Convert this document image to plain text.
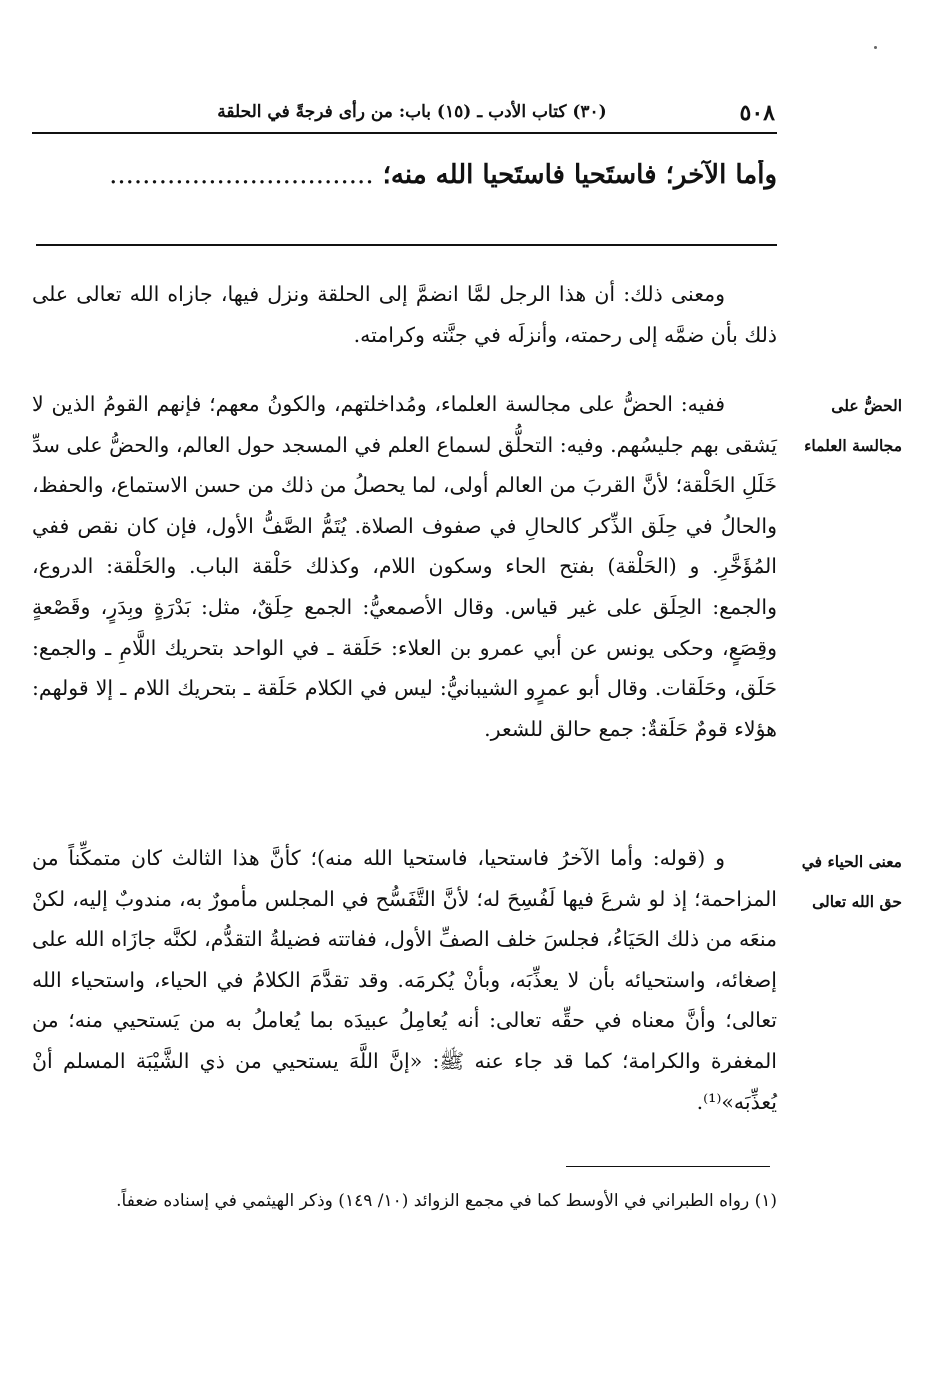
٥٠٨
(٣٠) كتاب الأدب ـ (١٥) باب: من رأى فرجةً في الحلقة
وأما الآخر؛ فاستَحيا فاستَحيا الله منه؛ ................................

ومعنى ذلك: أن هذا الرجل لمَّا انضمَّ إلى الحلقة ونزل فيها، جازاه الله تعالى على ذلك بأن ضمَّه إلى رحمته، وأنزلَه في جنَّته وكرامته.

الحضُّ على مجالسة العلماء

ففيه: الحضُّ على مجالسة العلماء، ومُداخلتهم، والكونُ معهم؛ فإنهم القومُ الذين لا يَشقى بهم جليسُهم. وفيه: التحلُّق لسماع العلم في المسجد حول العالم، والحضُّ على سدِّ خَلَلِ الحَلْقة؛ لأنَّ القربَ من العالم أولى، لما يحصلُ من ذلك من حسن الاستماع، والحفظ، والحالُ في حِلَق الذِّكر كالحالِ في صفوف الصلاة. يُتَمُّ الصَّفُّ الأول، فإن كان نقص ففي المُؤَخَّرِ. و (الحَلْقة) بفتح الحاء وسكون اللام، وكذلك حَلْقة الباب. والحَلْقة: الدروع، والجمع: الحِلَق على غير قياس. وقال الأصمعيُّ: الجمع حِلَقٌ، مثل: بَدْرَةٍ وبِدَرٍ، وقَصْعةٍ وقِصَعٍ، وحكى يونس عن أبي عمرو بن العلاء: حَلَقة ـ في الواحد بتحريك اللَّامِ ـ والجمع: حَلَق، وحَلَقات. وقال أبو عمرٍو الشيبانيُّ: ليس في الكلام حَلَقة ـ بتحريك اللام ـ إلا قولهم: هؤلاء قومٌ حَلَقةٌ: جمع حالق للشعر.

معنى الحياء في حق الله تعالى

و (قوله: وأما الآخرُ فاستحيا، فاستحيا الله منه)؛ كأنَّ هذا الثالث كان متمكِّناً من المزاحمة؛ إذ لو شرعَ فيها لَفُسِحَ له؛ لأنَّ التَّفَسُّح في المجلس مأمورٌ به، مندوبٌ إليه، لكنْ منعَه من ذلك الحَيَاءُ، فجلسَ خلف الصفِّ الأول، ففاتته فضيلةُ التقدُّم، لكنَّه جازَاه الله على إصغائه، واستحيائه بأن لا يعذِّبَه، وبأنْ يُكرمَه. وقد تقدَّمَ الكلامُ في الحياء، واستحياء الله تعالى؛ وأنَّ معناه في حقِّه تعالى: أنه يُعامِلُ عبيدَه بما يُعاملُ به من يَستحيي منه؛ من المغفرة والكرامة؛ كما قد جاء عنه ﷺ: «إنَّ اللَّهَ يستحيي من ذي الشَّيْبَة المسلم أنْ يُعذِّبَه»⁽¹⁾.

(١) رواه الطبراني في الأوسط كما في مجمع الزوائد (١٠/ ١٤٩) وذكر الهيثمي في إسناده ضعفاً.
